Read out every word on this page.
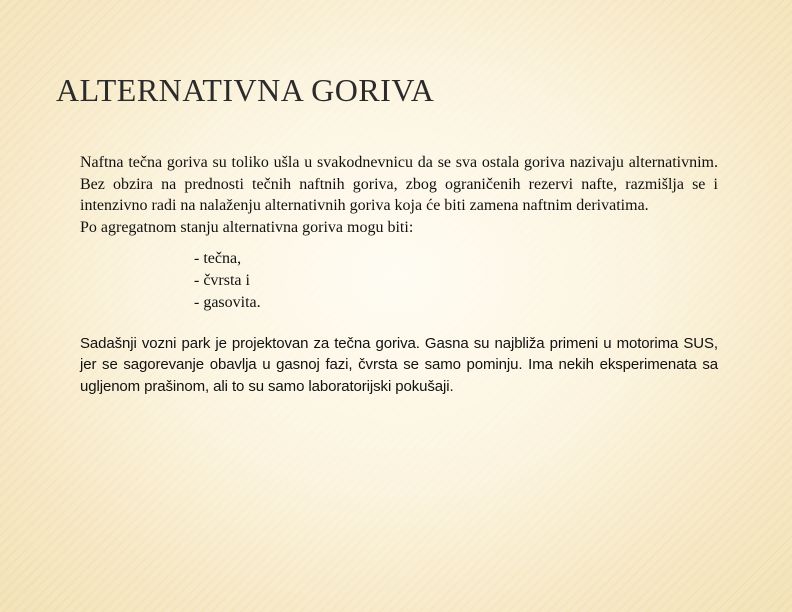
ALTERNATIVNA GORIVA

Naftna tečna goriva su toliko ušla u svakodnevnicu da se sva ostala goriva nazivaju alternativnim. Bez obzira na prednosti tečnih naftnih goriva, zbog ograničenih rezervi nafte, razmišlja se i intenzivno radi na nalaženju alternativnih goriva koja će biti zamena naftnim derivatima.

Po agregatnom stanju alternativna goriva mogu biti:

- tečna,
- čvrsta i
- gasovita.

Sadašnji vozni park je projektovan za tečna goriva. Gasna su najbliža primeni u motorima SUS, jer se sagorevanje obavlja u gasnoj fazi, čvrsta se samo pominju. Ima nekih eksperimenata sa ugljenom prašinom, ali to su samo laboratorijski pokušaji.
